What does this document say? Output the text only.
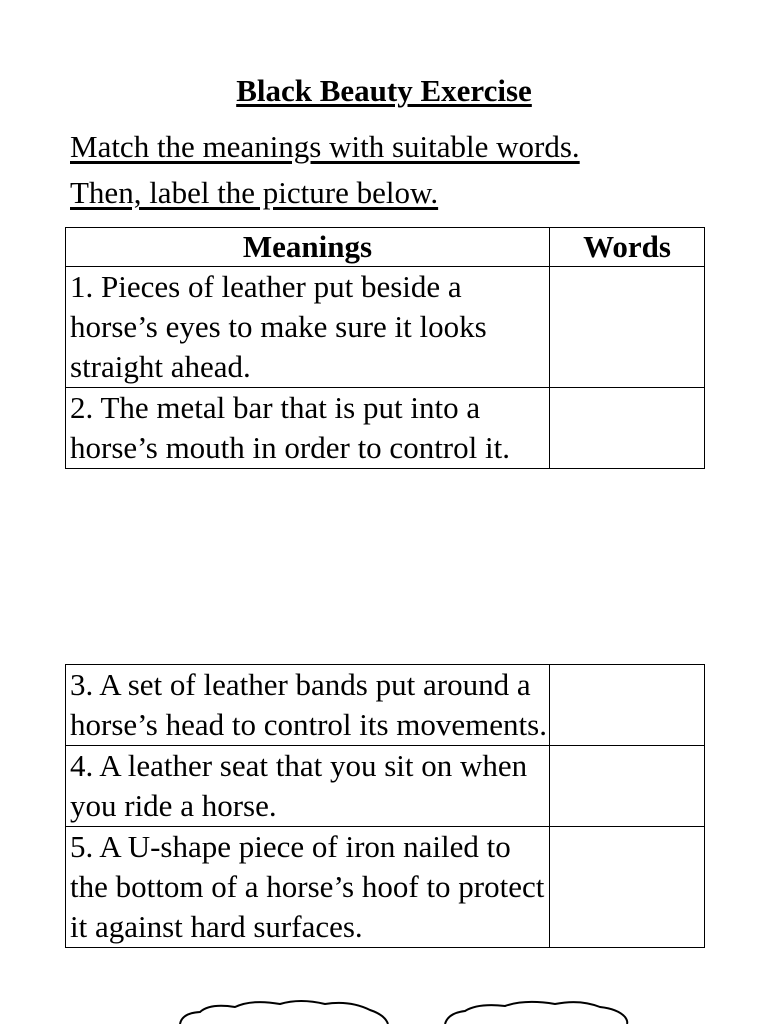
Black Beauty Exercise

Match the meanings with suitable words.

Then, label the picture below.

Meanings	Words
1. Pieces of leather put beside a horse’s eyes to make sure it looks straight ahead.	
2. The metal bar that is put into a horse’s mouth in order to control it.	
3. A set of leather bands put around a horse’s head to control its movements.	
4. A leather seat that you sit on when you ride a horse.	
5. A U-shape piece of iron nailed to the bottom of a horse’s hoof to protect it against hard surfaces.	
